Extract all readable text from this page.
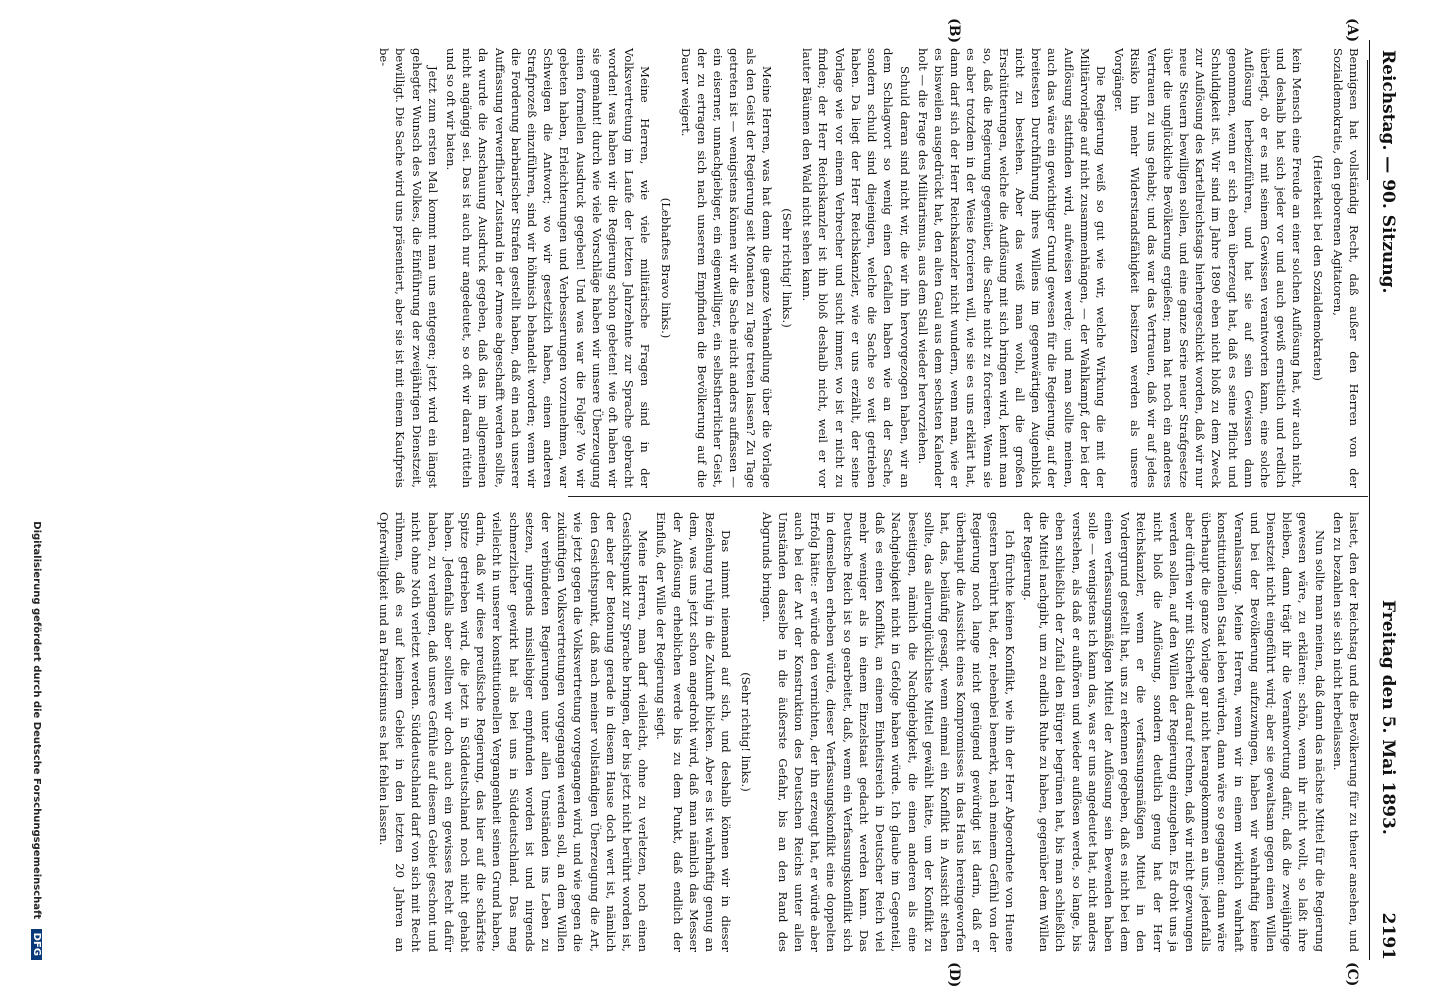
Reichstag. — 90. Sitzung.
Freitag den 5. Mai 1893.
2191
(A)
(B)
(C)
(D)

Bennigsen hat vollständig Recht, daß außer den Herren von der Sozialdemokratie, den geborenen Agitatoren,

(Heiterkeit bei den Sozialdemokraten)

kein Mensch eine Freude an einer solchen Auflösung hat, wir auch nicht, und deshalb hat sich jeder vor und auch gewiß ernstlich und redlich überlegt, ob er es mit seinem Gewissen verantworten kann, eine solche Auflösung herbeizuführen, und hat sie auf sein Gewissen dann genommen, wenn er sich eben überzeugt hat, daß es seine Pflicht und Schuldigkeit ist. Wir sind im Jahre 1890 eben nicht bloß zu dem Zweck zur Auflösung des Kartellreichstags hierhergeschickt worden, daß wir nur neue Steuern bewilligen sollen, und eine ganze Serie neuer Strafgesetze über die unglückliche Bevölkerung ergießen; man hat noch ein anderes Vertrauen zu uns gehabt; und das war das Vertrauen, daß wir auf jedes Risiko hin mehr Widerstandsfähigkeit besitzen werden als unsere Vorgänger.

Die Regierung weiß so gut wie wir, welche Wirkung die mit der Militärvorlage auf nicht zusammenhängen, — der Wahlkampf, der bei der Auflösung stattfinden wird, aufweisen werde; und man sollte meinen, auch das wäre ein gewichtiger Grund gewesen für die Regierung, auf der breitesten Durchführung ihres Willens im gegenwärtigen Augenblick nicht zu bestehen. Aber das weiß man wohl, all die großen Erschütterungen, welche die Auflösung mit sich bringen wird, kennt man so, daß die Regierung gegenüber, die Sache nicht zu forcieren. Wenn sie es aber trotzdem in der Weise forcieren will, wie sie es uns erklärt hat, dann darf sich der Herr Reichskanzler nicht wundern, wenn man, wie er es bisweilen ausgedrückt hat, den alten Gaul aus dem sechsten Kalender holt — die Frage des Militarismus, aus dem Stall wieder hervorziehen.

Schuld daran sind nicht wir, die wir ihn hervorgezogen haben, wir an dem Schlagwort so wenig einen Gefallen haben wie an der Sache, sondern schuld sind diejenigen, welche die Sache so weit getrieben haben. Da liegt der Herr Reichskanzler, wie er uns erzählt, der seine Vorlage wie vor einem Verbrecher und sucht immer, wo ist er nicht zu finden; der Herr Reichskanzler ist ihn bloß deshalb nicht, weil er vor lauter Bäumen den Wald nicht sehen kann.

(Sehr richtig! links.)

Meine Herren, was hat denn die ganze Verhandlung über die Vorlage als den Geist der Regierung seit Monaten zu Tage treten lassen? Zu Tage getreten ist — wenigstens können wir die Sache nicht anders auffassen — ein eiserner, unnachgiebiger, ein eigenwilliger, ein selbstherrlicher Geist, der zu ertragen sich nach unserem Empfinden die Bevölkerung auf die Dauer weigert.

(Lebhaftes Bravo links.)

Meine Herren, wie viele militärische Fragen sind in der Volksvertretung im Laufe der letzten Jahrzehnte zur Sprache gebracht worden! was haben wir die Regierung schon gebeten! wie oft haben wir sie gemahnt! durch wie viele Vorschläge haben wir unsere Überzeugung einen formellen Ausdruck gegeben! Und was war die Folge? Wo wir gebeten haben, Erleichterungen und Verbesserungen vorzunehmen, war Schweigen die Antwort; wo wir gesetzlich haben, einen anderen Strafprozeß einzuführen, sind wir höhnisch behandelt worden; wenn wir die Forderung barbarischer Strafen gestellt haben, daß ein nach unserer Auffassung verwerflicher Zustand in der Armee abgeschafft werden sollte, da wurde die Anschauung Ausdruck gegeben, daß das im allgemeinen nicht angängig sei. Das ist auch nur angedeutet, so oft wir daran rütteln und so oft wir baten.

Jetzt zum ersten Mal kommt man uns entgegen; jetzt wird ein längst gehegter Wunsch des Volkes, die Einführung der zweijährigen Dienstzeit, bewilligt. Die Sache wird uns präsentiert, aber sie ist mit einem Kaufpreis be-

lastet, den der Reichstag und die Bevölkerung für zu theuer ansehen, und den zu bezahlen sie sich nicht herbeilassen.

Nun sollte man meinen, daß dann das nächste Mittel für die Regierung gewesen wäre, zu erklären: schön, wenn ihr nicht wollt, so laßt ihre bleiben, dann trägt ihr die Verantwortung dafür, daß die zweijährige Dienstzeit nicht eingeführt wird; aber sie gewaltsam gegen einen Willen und bei der Bevölkerung aufzuzwingen, haben wir wahrhaftig keine Veranlassung. Meine Herren, wenn wir in einem wirklich wahrhaft konstitutionellen Staat leben würden, dann wäre so gegangen: dann wäre überhaupt die ganze Vorlage gar nicht herangekommen an uns, jedenfalls aber dürften wir mit Sicherheit darauf rechnen, daß wir nicht gezwungen werden sollen, auf den Willen der Regierung einzugehen. Es droht uns ja nicht bloß die Auflösung, sondern deutlich genug hat der Herr Reichskanzler, wenn er die verfassungsmäßigen Mittel in den Vordergrund gestellt hat, uns zu erkennen gegeben, daß es nicht bei dem einen verfassungsmäßigen Mittel der Auflösung sein Bewenden haben solle — wenigstens ich kann das, was er uns angedeutet hat, nicht anders verstehen, als daß er aufhören und wieder auflösen werde, so lange, bis eben schließlich der Zufall den Bürger begrünen hat, bis man schließlich die Mittel nachgibt, um zu endlich Ruhe zu haben, gegenüber dem Willen der Regierung.

Ich fürchte keinen Konflikt, wie ihn der Herr Abgeordnete von Huene gestern berührt hat, der, nebenbei bemerkt, nach meinem Gefühl von der Regierung noch lange nicht genügend gewürdigt ist darin, daß er überhaupt die Aussicht eines Kompromisses in das Haus hereingeworfen hat, das, beiläufig gesagt, wenn einmal ein Konflikt in Aussicht stehen sollte, das allerunglücklichste Mittel gewählt hätte, um der Konflikt zu beseitigen, nämlich die Nachgiebigkeit, die einen anderen als eine Nachgiebigkeit nicht in Gefolge haben würde. Ich glaube im Gegenteil, daß es einen Konflikt, an einem Einheitsreich in Deutscher Reich viel mehr weniger als in einem Einzelstaat gedacht werden kann. Das Deutsche Reich ist so gearbeitet, daß, wenn ein Verfassungskonflikt sich in demselben erheben würde, dieser Verfassungskonflikt eine doppelten Erfolg hätte: er würde den vernichten, der ihn erzeugt hat, er würde aber auch bei der Art der Konstruktion des Deutschen Reichs unter allen Umständen dasselbe in die äußerste Gefahr, bis an den Rand des Abgrunds bringen.

(Sehr richtig! links.)

Das nimmt niemand auf sich, und deshalb können wir in dieser Beziehung ruhig in die Zukunft blicken. Aber es ist wahrhaftig genug an dem, was uns jetzt schon angedroht wird, daß man nämlich das Messer der Auflösung erheblichen werde bis zu dem Punkt, daß endlich der Einfluß, der Wille der Regierung siegt.

Meine Herren, man darf vielleicht, ohne zu verletzen, noch einen Gesichtspunkt zur Sprache bringen, der bis jetzt nicht berührt worden ist, der aber der Betonung gerade in diesem Hause doch wert ist, nämlich den Gesichtspunkt, daß nach meiner vollständigen Überzeugung die Art, wie jetzt gegen die Volksvertretung vorgegangen wird, und wie gegen die zukünftigen Volksvertretungen vorgegangen werden soll, an dem Willen der verbündeten Regierungen unter allen Umständen ins Leben zu setzen, nirgends missliebiger empfunden worden ist und nirgends schmerzlicher gewirkt hat als bei uns in Süddeutschland. Das mag vielleicht in unserer konstitutionellen Vergangenheit seinen Grund haben, darin, daß wir diese preußische Regierung, das hier auf die schärfste Spitze getrieben wird, die jetzt in Süddeutschland noch nicht gehabt haben. Jedenfalls aber sollten wir doch auch ein gewisses Recht dafür haben, zu verlangen, daß unsere Gefühle auf diesem Gebiet geschont und nicht ohne Noth verletzt werden. Süddeutschland darf von sich mit Recht rühmen, daß es auf keinem Gebiet in den letzten 20 Jahren an Opferwilligkeit und an Patriotismus es hat fehlen lassen.

Digitalisierung gefördert durch die Deutsche Forschungsgemeinschaft DFG
